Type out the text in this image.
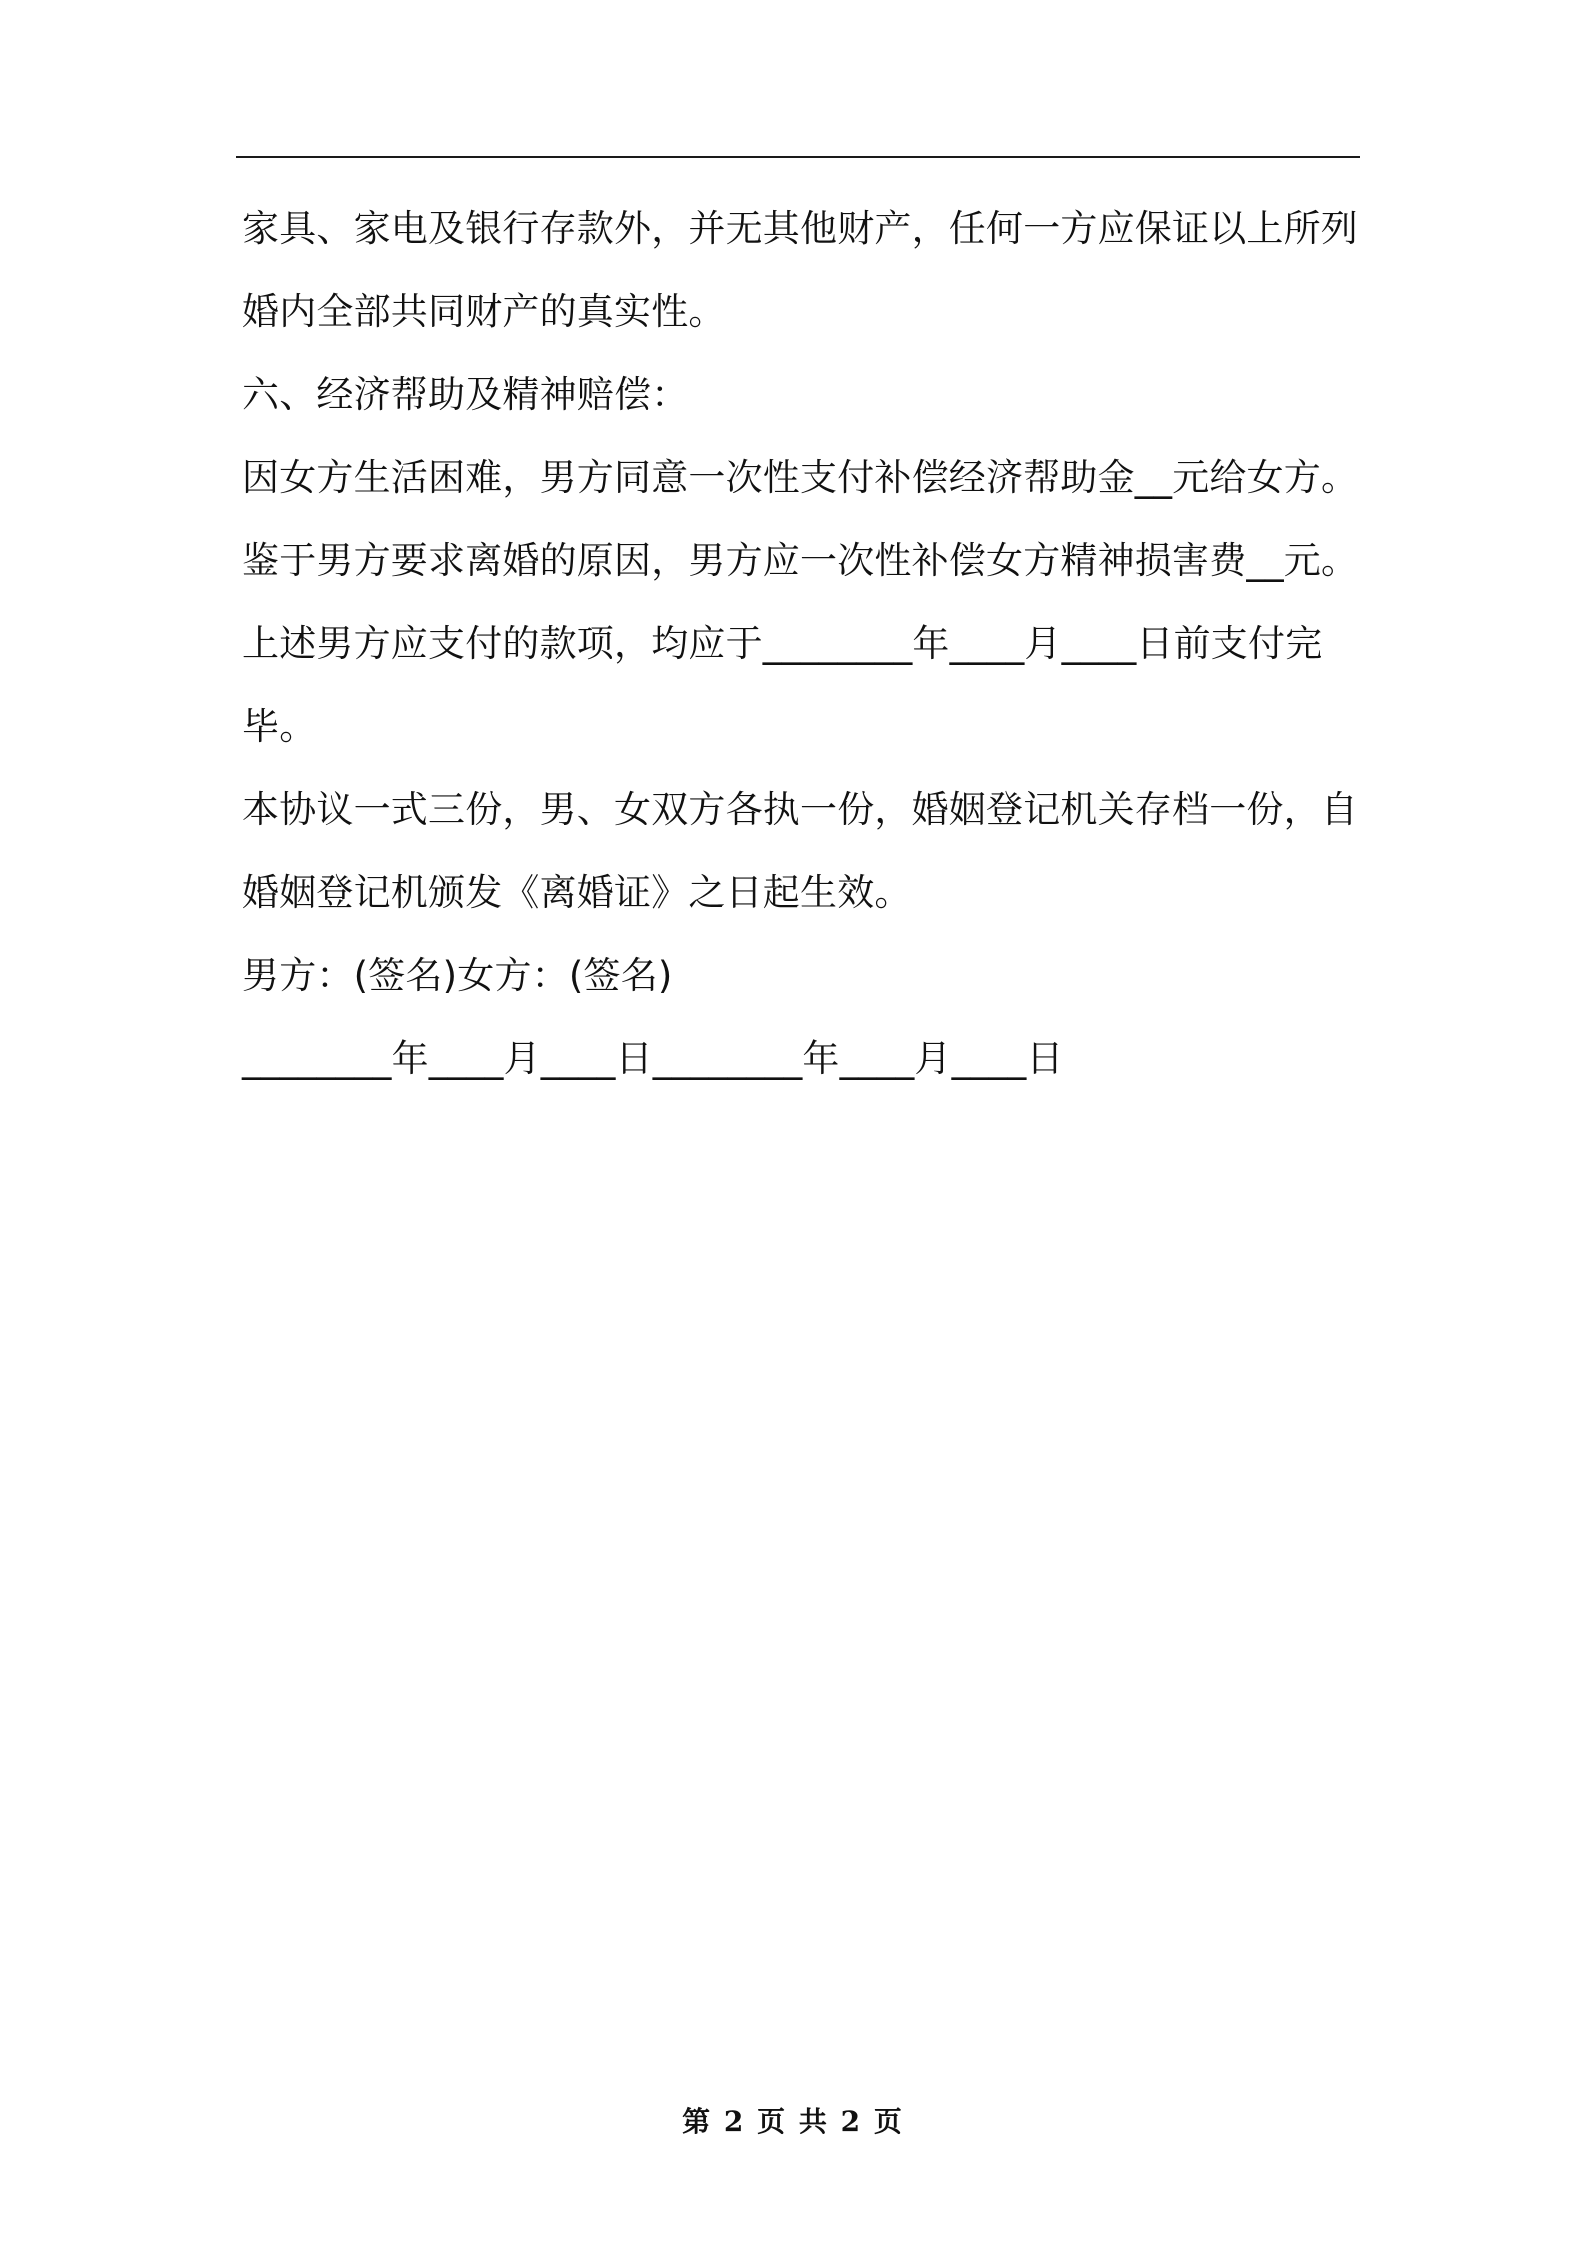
家具、家电及银行存款外，并无其他财产，任何一方应保证以上所列
婚内全部共同财产的真实性。
六、经济帮助及精神赔偿：
因女方生活困难，男方同意一次性支付补偿经济帮助金__元给女方。
鉴于男方要求离婚的原因，男方应一次性补偿女方精神损害费__元。
上述男方应支付的款项，均应于________年____月____日前支付完
毕。
本协议一式三份，男、女双方各执一份，婚姻登记机关存档一份，自
婚姻登记机颁发《离婚证》之日起生效。
男方：(签名)女方：(签名)
________年____月____日________年____月____日
第 2 页 共 2 页
